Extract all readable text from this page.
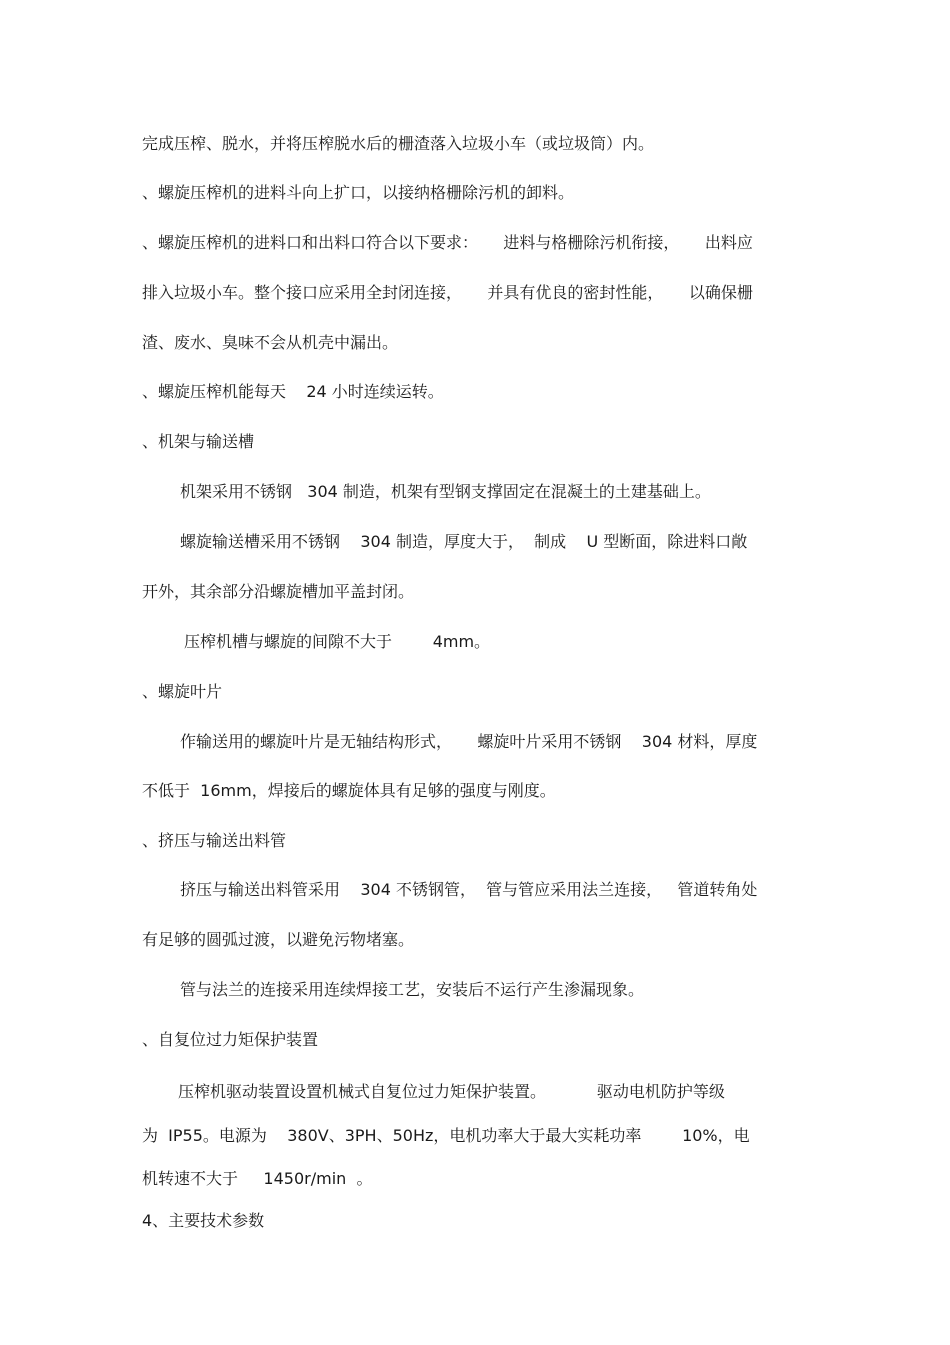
完成压榨、脱水，并将压榨脱水后的栅渣落入垃圾小车（或垃圾筒）内。
、螺旋压榨机的进料斗向上扩口，以接纳格栅除污机的卸料。
、螺旋压榨机的进料口和出料口符合以下要求：     进料与格栅除污机衔接，     出料应
排入垃圾小车。整个接口应采用全封闭连接，     并具有优良的密封性能，     以确保栅
渣、废水、臭味不会从机壳中漏出。
、螺旋压榨机能每天    24 小时连续运转。
、机架与输送槽
机架采用不锈钢   304 制造，机架有型钢支撑固定在混凝土的土建基础上。
螺旋输送槽采用不锈钢    304 制造，厚度大于，  制成    U 型断面，除进料口敞
开外，其余部分沿螺旋槽加平盖封闭。
压榨机槽与螺旋的间隙不大于        4mm。
、螺旋叶片
作输送用的螺旋叶片是无轴结构形式，     螺旋叶片采用不锈钢    304 材料，厚度
不低于  16mm，焊接后的螺旋体具有足够的强度与刚度。
、挤压与输送出料管
挤压与输送出料管采用    304 不锈钢管，  管与管应采用法兰连接，   管道转角处
有足够的圆弧过渡，以避免污物堵塞。
管与法兰的连接采用连续焊接工艺，安装后不运行产生渗漏现象。
、自复位过力矩保护装置
压榨机驱动装置设置机械式自复位过力矩保护装置。          驱动电机防护等级
为  IP55。电源为    380V、3PH、50Hz，电机功率大于最大实耗功率        10%，电
机转速不大于     1450r/min  。
4、主要技术参数
